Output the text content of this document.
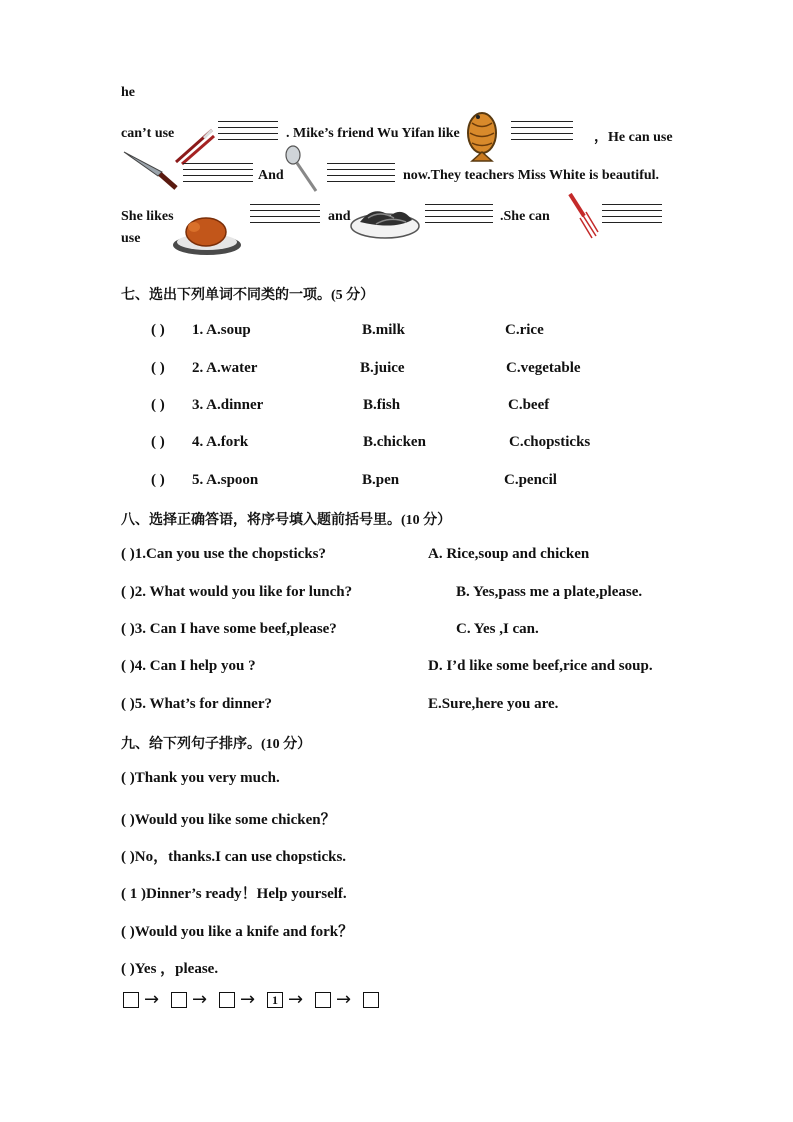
he
can’t use	. Mike’s friend Wu Yifan like	，He can use
And	now.They teachers Miss White is beautiful.
She likes	and	.She can
use
七、选出下列单词不同类的一项。(5 分）
( ) 1. A.soup	B.milk	C.rice
( ) 2. A.water	B.juice	C.vegetable
( ) 3. A.dinner	B.fish	C.beef
( ) 4. A.fork	B.chicken	C.chopsticks
( ) 5. A.spoon	B.pen	C.pencil
八、选择正确答语，将序号填入题前括号里。(10 分）
( )1.Can you use the chopsticks?	A. Rice,soup and chicken
( )2. What would you like for lunch?	B. Yes,pass me a plate,please.
( )3. Can I have some beef,please?	C. Yes ,I can.
( )4. Can I help you ?	D. I’d like some beef,rice and soup.
( )5. What’s for dinner?	E.Sure,here you are.
九、给下列句子排序。(10 分）
( )Thank you very much.
( )Would you like some chicken？
( )No，thanks.I can use chopsticks.
( 1 )Dinner’s ready！Help yourself.
( )Would you like a knife and fork？
( )Yes ，please.
→ → →	1 → →
